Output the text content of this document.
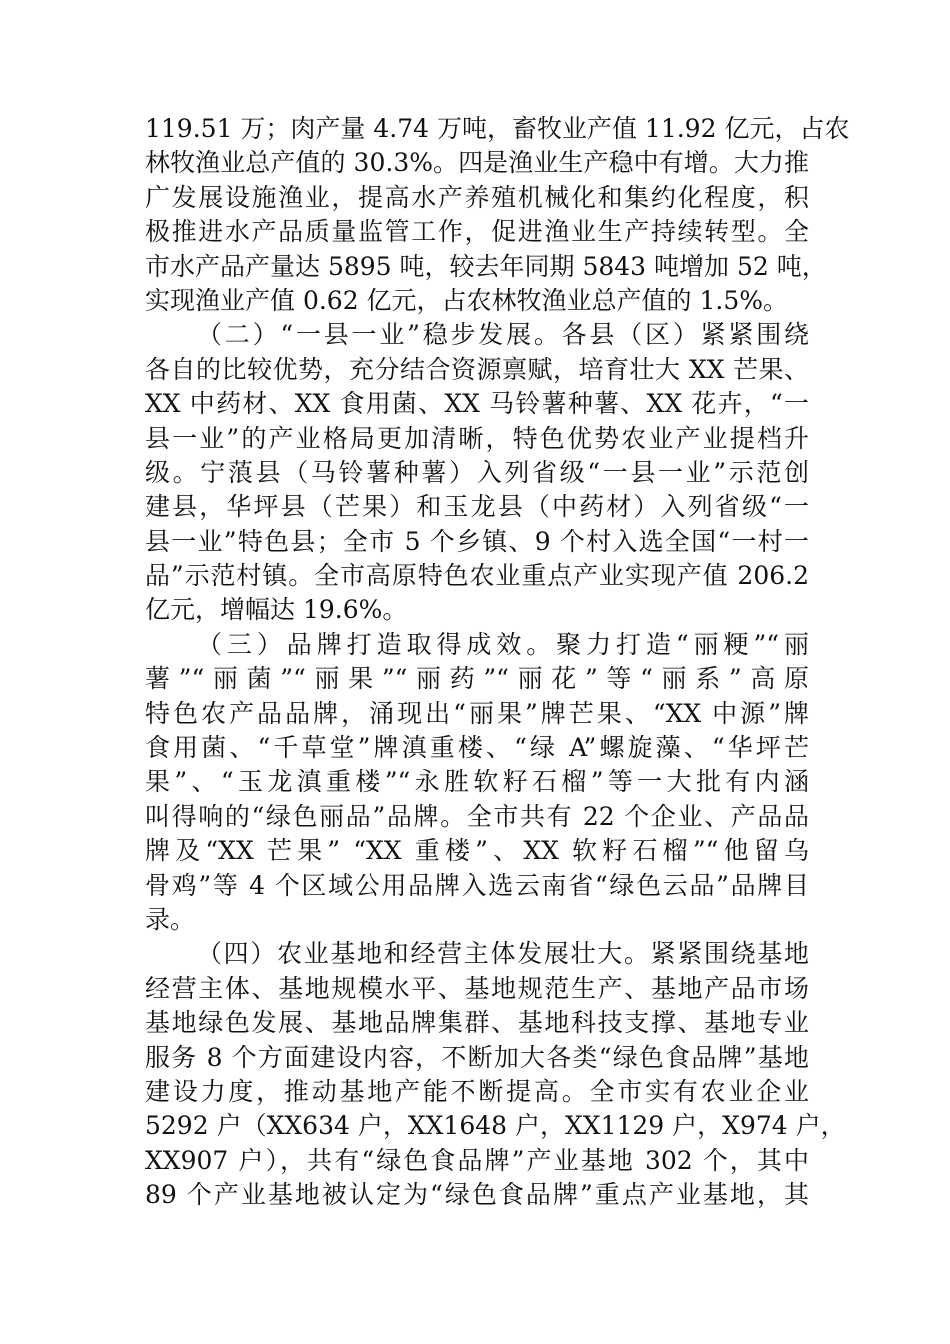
119.51 万；肉产量 4.74 万吨，畜牧业产值 11.92 亿元，占农
林牧渔业总产值的 30.3%。四是渔业生产稳中有增。大力推
广发展设施渔业，提高水产养殖机械化和集约化程度，积
极推进水产品质量监管工作，促进渔业生产持续转型。全
市水产品产量达 5895 吨，较去年同期 5843 吨增加 52 吨，
实现渔业产值 0.62 亿元，占农林牧渔业总产值的 1.5%。
（二）“一县一业”稳步发展。各县（区）紧紧围绕
各自的比较优势，充分结合资源禀赋，培育壮大 XX 芒果、
XX 中药材、XX 食用菌、XX 马铃薯种薯、XX 花卉，“一
县一业”的产业格局更加清晰，特色优势农业产业提档升
级。宁蒗县（马铃薯种薯）入列省级“一县一业”示范创
建县，华坪县（芒果）和玉龙县（中药材）入列省级“一
县一业”特色县；全市 5 个乡镇、9 个村入选全国“一村一
品”示范村镇。全市高原特色农业重点产业实现产值 206.2
亿元，增幅达 19.6%。
（三）品牌打造取得成效。聚力打造“丽粳”“丽
薯”“丽菌”“丽果”“丽药”“丽花”等“丽系”高原
特色农产品品牌，涌现出“丽果”牌芒果、“XX 中源”牌
食用菌、“千草堂”牌滇重楼、“绿 A”螺旋藻、“华坪芒
果”、“玉龙滇重楼”“永胜软籽石榴”等一大批有内涵
叫得响的“绿色丽品”品牌。全市共有 22 个企业、产品品
牌及“XX 芒果” “XX 重楼”、XX 软籽石榴”“他留乌
骨鸡”等 4 个区域公用品牌入选云南省“绿色云品”品牌目
录。
（四）农业基地和经营主体发展壮大。紧紧围绕基地
经营主体、基地规模水平、基地规范生产、基地产品市场
基地绿色发展、基地品牌集群、基地科技支撑、基地专业
服务 8 个方面建设内容，不断加大各类“绿色食品牌”基地
建设力度，推动基地产能不断提高。全市实有农业企业
5292 户（XX634 户，XX1648 户，XX1129 户，X974 户，
XX907 户），共有“绿色食品牌”产业基地 302 个，其中
89 个产业基地被认定为“绿色食品牌”重点产业基地，其
